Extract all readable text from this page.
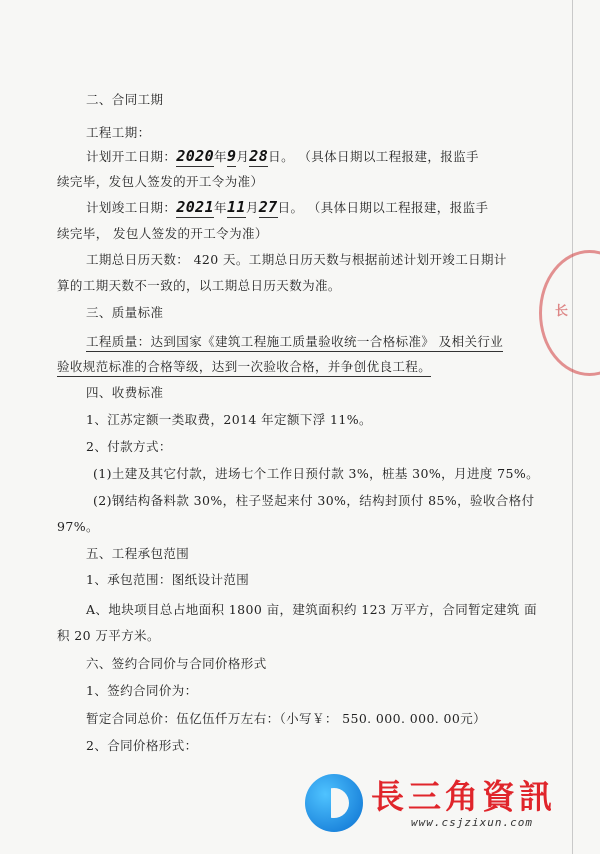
长
二、合同工期
工程工期：
计划开工日期：2020年9月28日。 （具体日期以工程报建，报监手
续完毕，发包人签发的开工令为准）
计划竣工日期：2021年11月27日。 （具体日期以工程报建，报监手
续完毕， 发包人签发的开工令为准）
工期总日历天数： 420 天。工期总日历天数与根据前述计划开竣工日期计
算的工期天数不一致的，以工期总日历天数为准。
三、质量标准
工程质量：达到国家《建筑工程施工质量验收统一合格标准》 及相关行业
验收规范标准的合格等级，达到一次验收合格，并争创优良工程。
四、收费标准
1、江苏定额一类取费，2014 年定额下浮 11%。
2、付款方式：
(1)土建及其它付款，进场七个工作日预付款 3%，桩基 30%，月进度 75%。
(2)钢结构备料款 30%，柱子竖起来付 30%，结构封顶付 85%，验收合格付
97%。
五、工程承包范围
1、承包范围：图纸设计范围
A、地块项目总占地面积 1800 亩，建筑面积约 123 万平方，合同暂定建筑 面
积 20 万平方米。
六、签约合同价与合同价格形式
1、签约合同价为：
暂定合同总价：伍亿伍仟万左右：（小写￥： 550. 000. 000. 00元）
2、合同价格形式：
長三角資訊
www.csjzixun.com
